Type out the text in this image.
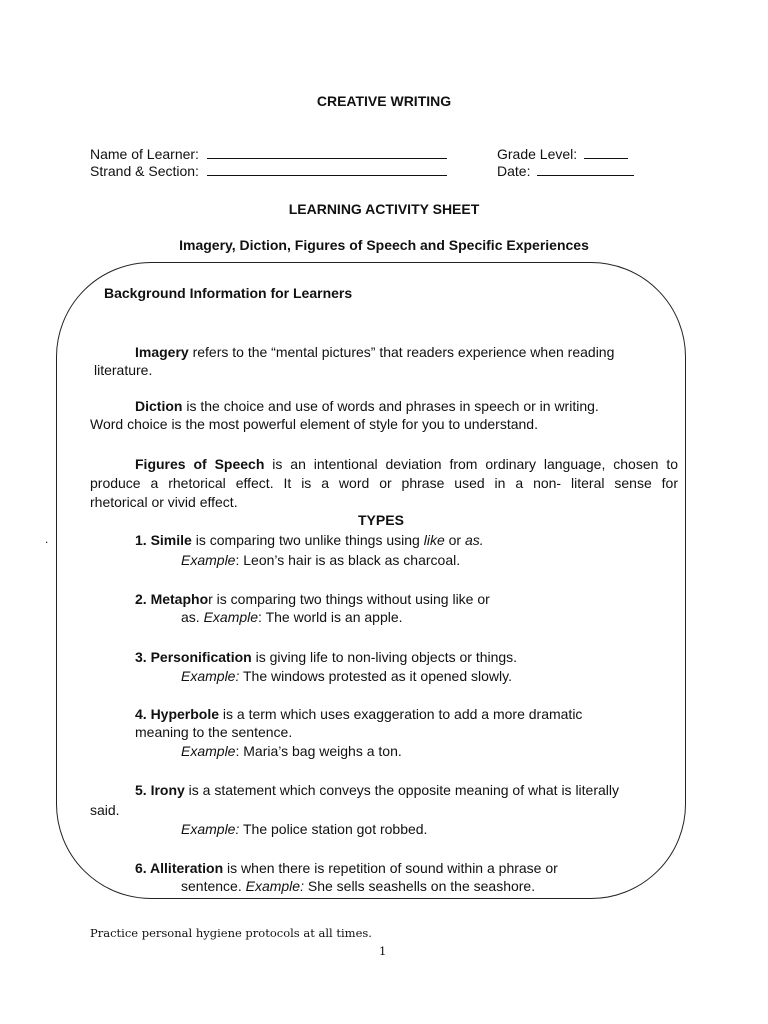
CREATIVE WRITING
Name of Learner:
Strand & Section:
Grade Level:
Date:
LEARNING ACTIVITY SHEET
Imagery, Diction, Figures of Speech and Specific Experiences
Background Information for Learners
Imagery refers to the “mental pictures” that readers experience when reading
literature.
Diction is the choice and use of words and phrases in speech or in writing.
Word choice is the most powerful element of style for you to understand.
Figures of Speech is an intentional deviation from ordinary language, chosen to
produce a rhetorical effect. It is a word or phrase used in a non- literal sense for
rhetorical or vivid effect.
TYPES
.	1. Simile is comparing two unlike things using like or as.
Example: Leon’s hair is as black as charcoal.
2. Metaphor is comparing two things without using like or
as. Example: The world is an apple.
3. Personification is giving life to non-living objects or things.
Example: The windows protested as it opened slowly.
4. Hyperbole is a term which uses exaggeration to add a more dramatic
meaning to the sentence.
Example: Maria’s bag weighs a ton.
5. Irony is a statement which conveys the opposite meaning of what is literally
said.
Example: The police station got robbed.
6. Alliteration is when there is repetition of sound within a phrase or
sentence. Example: She sells seashells on the seashore.
Practice personal hygiene protocols at all times.
1
